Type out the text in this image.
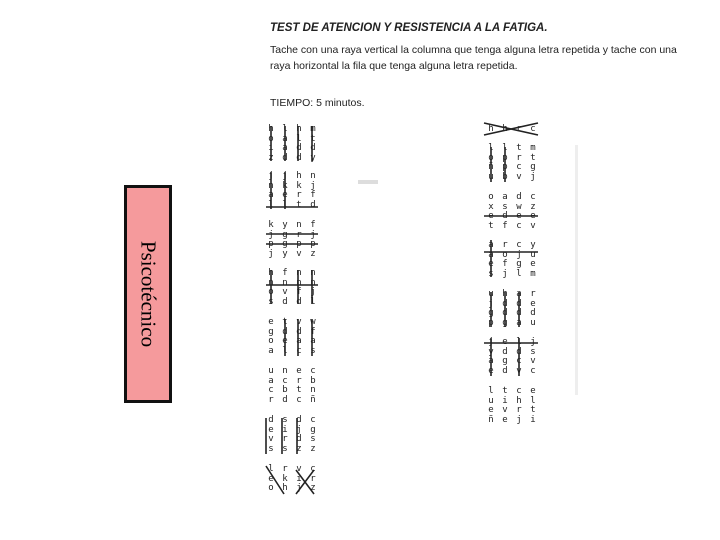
Psicotécnico
TEST DE ATENCION Y RESISTENCIA A LA FATIGA.
Tache con una raya vertical la columna que tenga alguna letra repetida y tache con una raya horizontal la fila que tenga alguna letra repetida.
TIEMPO: 5 minutos.
h l h m
o a l t
i a d d
z d d y
j j h n
n k k j
a e r f
l l t d
k y n f
j g r j
p g p p
j y v z
h f n n
n n n n
o v f j
s d d l
e t v w
g d d f
o e a a
a l c s
u n e c
a c r b
c b t n
r d c ñ
d s d c
e i j g
v r d s
s s z z
l r v c
e k i r
o h j z
h h r c
l l t m
o p r t
ñ p c g
u b v j
o a d c
x s w z
e d e e
t f c v
a r c y
a o j u
e f g e
s j l m
u h a r
j d d e
g d d d
p g a u
j e l j
y d d s
a g c v
e d v c
l t c e
u i h l
e v r t
ñ e j i
